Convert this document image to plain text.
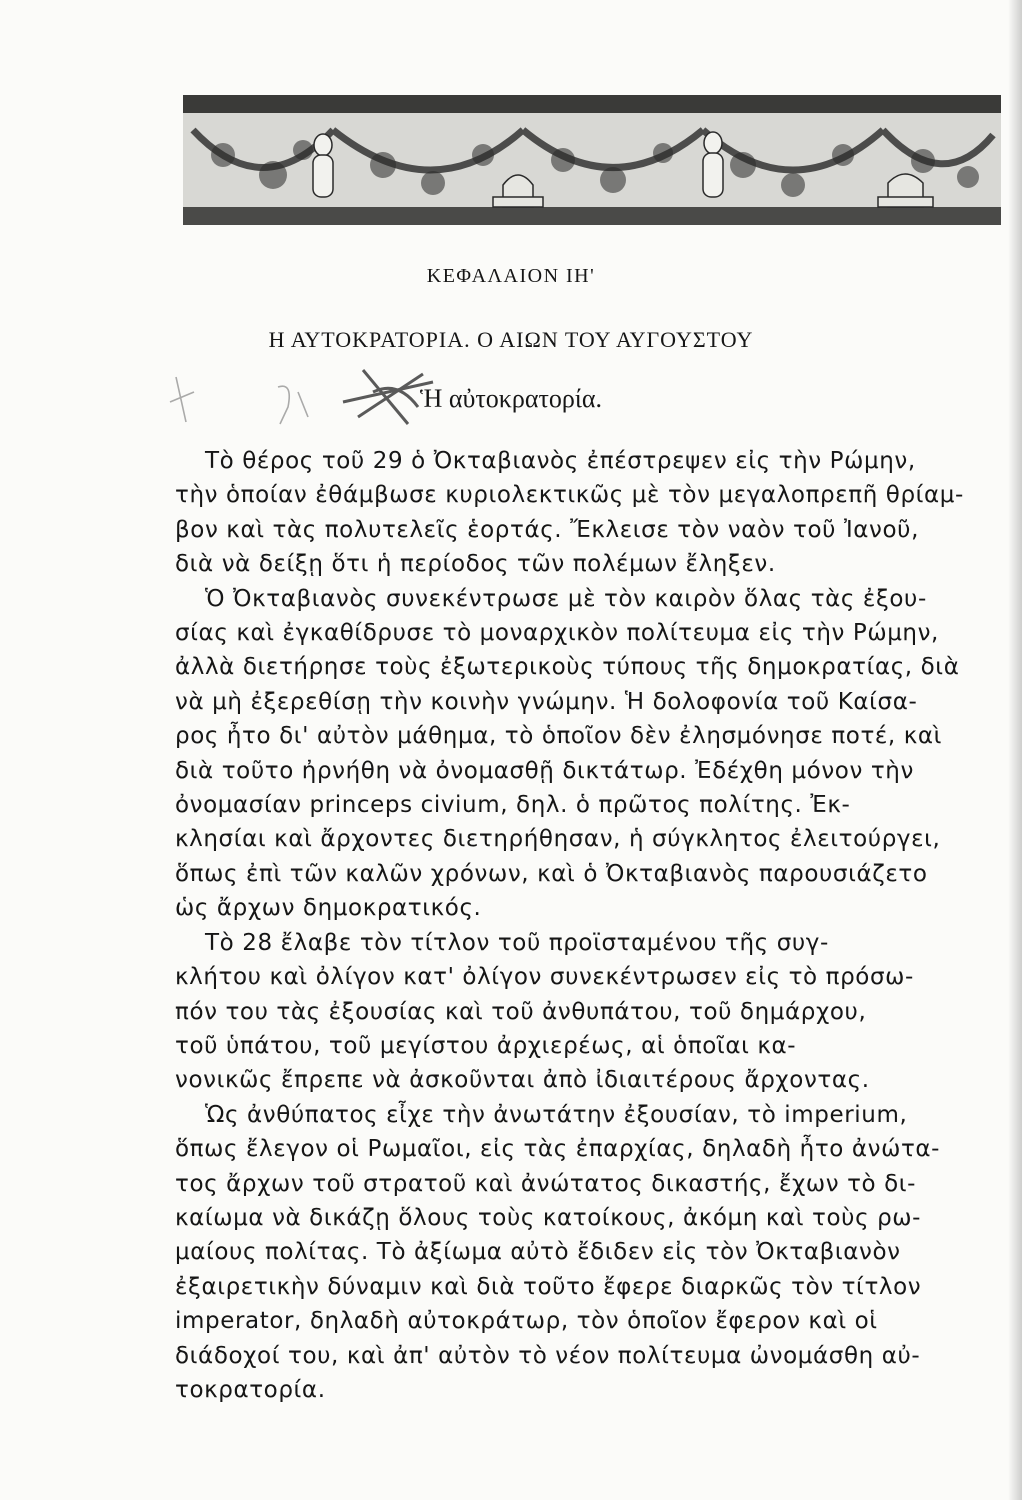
ΚΕΦΑΛΑΙΟΝ ΙΗ'
Η ΑΥΤΟΚΡΑΤΟΡΙΑ. Ο ΑΙΩΝ ΤΟΥ ΑΥΓΟΥΣΤΟΥ
Ἡ αὐτοκρατορία.
Τὸ θέρος τοῦ 29 ὁ Ὀκταβιανὸς ἐπέστρεψεν εἰς τὴν Ρώμην,
τὴν ὁποίαν ἐθάμβωσε κυριολεκτικῶς μὲ τὸν μεγαλοπρεπῆ θρίαμ-
βον καὶ τὰς πολυτελεῖς ἑορτάς. Ἔκλεισε τὸν ναὸν τοῦ Ἰανοῦ,
διὰ νὰ δείξῃ ὅτι ἡ περίοδος τῶν πολέμων ἔληξεν.
Ὁ Ὀκταβιανὸς συνεκέντρωσε μὲ τὸν καιρὸν ὅλας τὰς ἐξου-
σίας καὶ ἐγκαθίδρυσε τὸ μοναρχικὸν πολίτευμα εἰς τὴν Ρώμην,
ἀλλὰ διετήρησε τοὺς ἐξωτερικοὺς τύπους τῆς δημοκρατίας, διὰ
νὰ μὴ ἐξερεθίσῃ τὴν κοινὴν γνώμην. Ἡ δολοφονία τοῦ Καίσα-
ρος ἦτο δι' αὐτὸν μάθημα, τὸ ὁποῖον δὲν ἐλησμόνησε ποτέ, καὶ
διὰ τοῦτο ἠρνήθη νὰ ὀνομασθῇ δικτάτωρ. Ἐδέχθη μόνον τὴν
ὀνομασίαν princeps civium, δηλ. ὁ πρῶτος πολίτης. Ἐκ-
κλησίαι καὶ ἄρχοντες διετηρήθησαν, ἡ σύγκλητος ἐλειτούργει,
ὅπως ἐπὶ τῶν καλῶν χρόνων, καὶ ὁ Ὀκταβιανὸς παρουσιάζετο
ὡς ἄρχων δημοκρατικός.
Τὸ 28 ἔλαβε τὸν τίτλον τοῦ προϊσταμένου τῆς συγ-
κλήτου καὶ ὀλίγον κατ' ὀλίγον συνεκέντρωσεν εἰς τὸ πρόσω-
πόν του τὰς ἐξουσίας καὶ τοῦ ἀνθυπάτου, τοῦ δημάρχου,
τοῦ ὑπάτου, τοῦ μεγίστου ἀρχιερέως, αἱ ὁποῖαι κα-
νονικῶς ἔπρεπε νὰ ἀσκοῦνται ἀπὸ ἰδιαιτέρους ἄρχοντας.
Ὡς ἀνθύπατος εἶχε τὴν ἀνωτάτην ἐξουσίαν, τὸ imperium,
ὅπως ἔλεγον οἱ Ρωμαῖοι, εἰς τὰς ἐπαρχίας, δηλαδὴ ἦτο ἀνώτα-
τος ἄρχων τοῦ στρατοῦ καὶ ἀνώτατος δικαστής, ἔχων τὸ δι-
καίωμα νὰ δικάζῃ ὅλους τοὺς κατοίκους, ἀκόμη καὶ τοὺς ρω-
μαίους πολίτας. Τὸ ἀξίωμα αὐτὸ ἔδιδεν εἰς τὸν Ὀκταβιανὸν
ἐξαιρετικὴν δύναμιν καὶ διὰ τοῦτο ἔφερε διαρκῶς τὸν τίτλον
imperator, δηλαδὴ αὐτοκράτωρ, τὸν ὁποῖον ἔφερον καὶ οἱ
διάδοχοί του, καὶ ἀπ' αὐτὸν τὸ νέον πολίτευμα ὠνομάσθη αὐ-
τοκρατορία.
